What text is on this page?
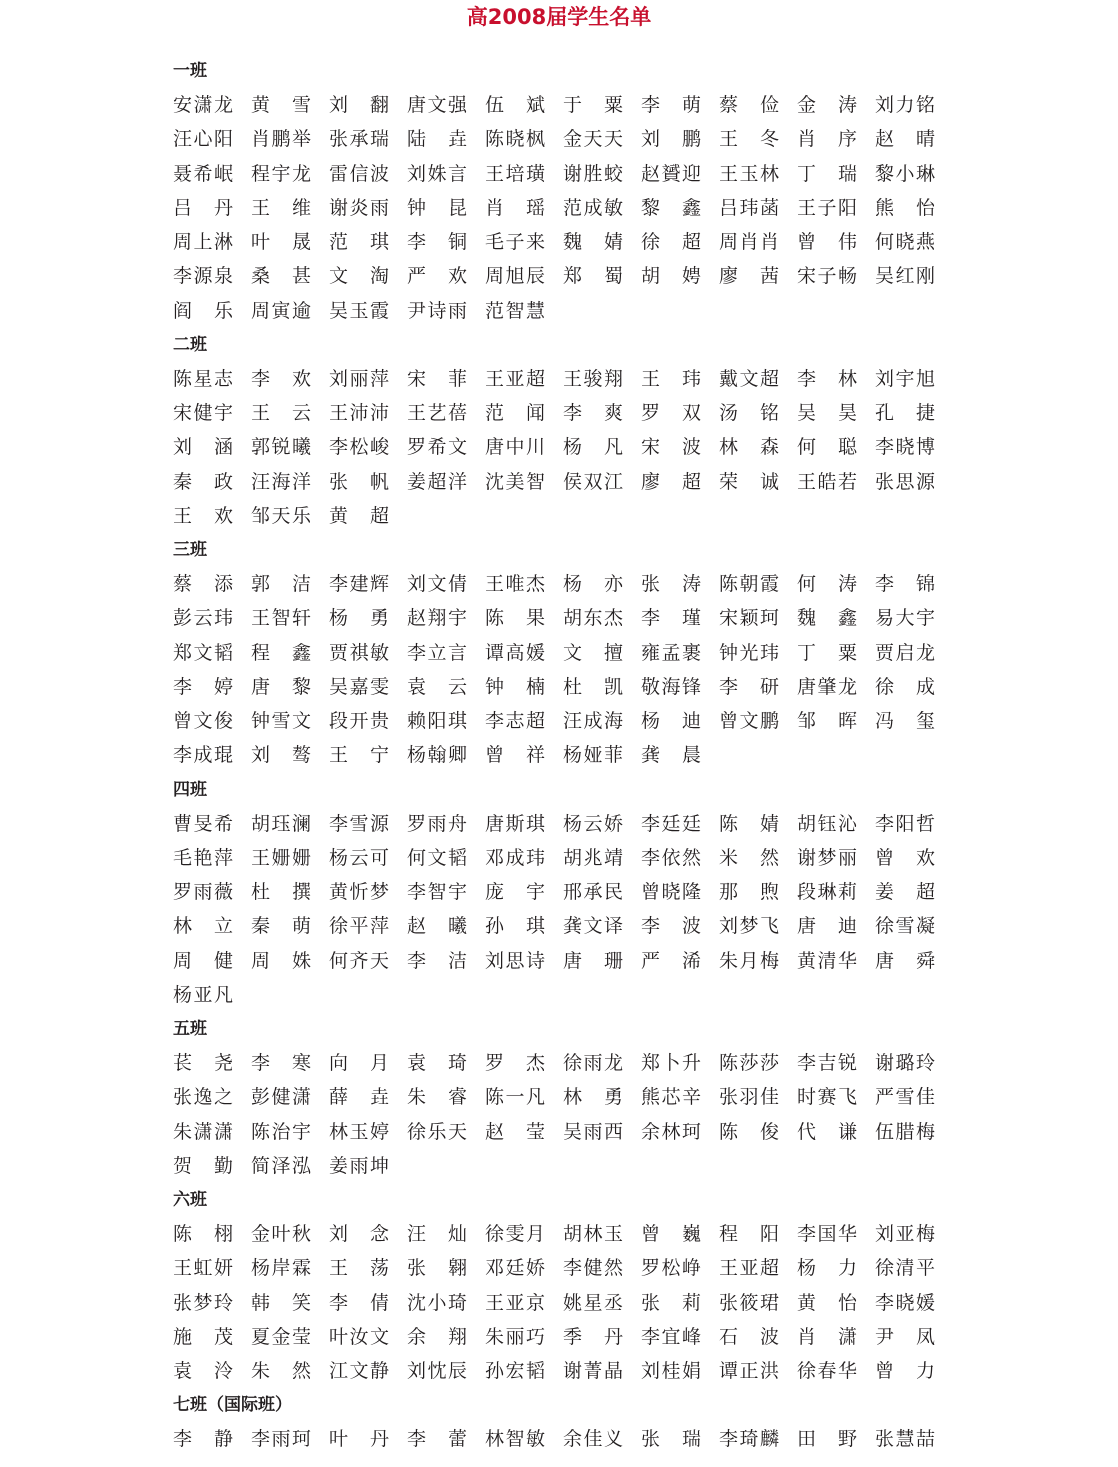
高2008届学生名单
一班
安 潇 龙 黄 雪 刘 翻 唐 文 强 伍 斌 于 粟 李 萌 蔡 俭 金 涛 刘 力 铭
汪 心 阳 肖 鹏 举 张 承 瑞 陆 垚 陈 晓 枫 金 天 天 刘 鹏 王 冬 肖 序 赵 晴
聂 希 岷 程 宇 龙 雷 信 波 刘 姝 言 王 培 璜 谢 胜 蛟 赵 贇 迎 王 玉 林 丁 瑞 黎 小 琳
吕 丹 王 维 谢 炎 雨 钟 昆 肖 瑶 范 成 敏 黎 鑫 吕 玮 菡 王 子 阳 熊 怡
周 上 淋 叶 晟 范 琪 李 铜 毛 子 来 魏 婧 徐 超 周 肖 肖 曾 伟 何 晓 燕
李 源 泉 桑 甚 文 淘 严 欢 周 旭 辰 郑 蜀 胡 娉 廖 茜 宋 子 畅 吴 红 刚
阎 乐 周 寅 逾 吴 玉 霞 尹 诗 雨 范 智 慧
二班
陈 星 志 李 欢 刘 丽 萍 宋 菲 王 亚 超 王 骏 翔 王 玮 戴 文 超 李 林 刘 宇 旭
宋 健 宇 王 云 王 沛 沛 王 艺 蓓 范 闻 李 爽 罗 双 汤 铭 吴 昊 孔 捷
刘 涵 郭 锐 曦 李 松 峻 罗 希 文 唐 中 川 杨 凡 宋 波 林 森 何 聪 李 晓 博
秦 政 汪 海 洋 张 帆 姜 超 洋 沈 美 智 侯 双 江 廖 超 荣 诚 王 皓 若 张 思 源
王 欢 邹 天 乐 黄 超
三班
蔡 添 郭 洁 李 建 辉 刘 文 倩 王 唯 杰 杨 亦 张 涛 陈 朝 霞 何 涛 李 锦
彭 云 玮 王 智 轩 杨 勇 赵 翔 宇 陈 果 胡 东 杰 李 瑾 宋 颖 珂 魏 鑫 易 大 宇
郑 文 韬 程 鑫 贾 祺 敏 李 立 言 谭 高 媛 文 擅 雍 孟 裹 钟 光 玮 丁 粟 贾 启 龙
李 婷 唐 黎 吴 嘉 雯 袁 云 钟 楠 杜 凯 敬 海 锋 李 研 唐 肇 龙 徐 成
曾 文 俊 钟 雪 文 段 开 贵 赖 阳 琪 李 志 超 汪 成 海 杨 迪 曾 文 鹏 邹 晖 冯 玺
李 成 琨 刘 骜 王 宁 杨 翰 卿 曾 祥 杨 娅 菲 龚 晨
四班
曹 旻 希 胡 珏 澜 李 雪 源 罗 雨 舟 唐 斯 琪 杨 云 娇 李 廷 廷 陈 婧 胡 钰 沁 李 阳 哲
毛 艳 萍 王 姗 姗 杨 云 可 何 文 韬 邓 成 玮 胡 兆 靖 李 依 然 米 然 谢 梦 丽 曾 欢
罗 雨 薇 杜 撰 黄 忻 梦 李 智 宇 庞 宇 邢 承 民 曾 晓 隆 那 煦 段 琳 莉 姜 超
林 立 秦 萌 徐 平 萍 赵 曦 孙 琪 龚 文 译 李 波 刘 梦 飞 唐 迪 徐 雪 凝
周 健 周 姝 何 齐 天 李 洁 刘 思 诗 唐 珊 严 浠 朱 月 梅 黄 清 华 唐 舜
杨 亚 凡
五班
苌 尧 李 寒 向 月 袁 琦 罗 杰 徐 雨 龙 郑 卜 升 陈 莎 莎 李 吉 锐 谢 璐 玲
张 逸 之 彭 健 潇 薛 垚 朱 睿 陈 一 凡 林 勇 熊 芯 辛 张 羽 佳 时 赛 飞 严 雪 佳
朱 潇 潇 陈 治 宇 林 玉 婷 徐 乐 天 赵 莹 吴 雨 西 余 林 珂 陈 俊 代 谦 伍 腊 梅
贺 勤 简 泽 泓 姜 雨 坤
六班
陈 栩 金 叶 秋 刘 念 汪 灿 徐 雯 月 胡 林 玉 曾 巍 程 阳 李 国 华 刘 亚 梅
王 虹 妍 杨 岸 霖 王 荡 张 翱 邓 廷 娇 李 健 然 罗 松 峥 王 亚 超 杨 力 徐 清 平
张 梦 玲 韩 笑 李 倩 沈 小 琦 王 亚 京 姚 星 丞 张 莉 张 筱 珺 黄 怡 李 晓 媛
施 茂 夏 金 莹 叶 汝 文 余 翔 朱 丽 巧 季 丹 李 宜 峰 石 波 肖 潇 尹 凤
袁 泠 朱 然 江 文 静 刘 忱 辰 孙 宏 韬 谢 菁 晶 刘 桂 娟 谭 正 洪 徐 春 华 曾 力
七班（国际班）
李 静 李 雨 珂 叶 丹 李 蕾 林 智 敏 余 佳 义 张 瑞 李 琦 麟 田 野 张 慧 喆
